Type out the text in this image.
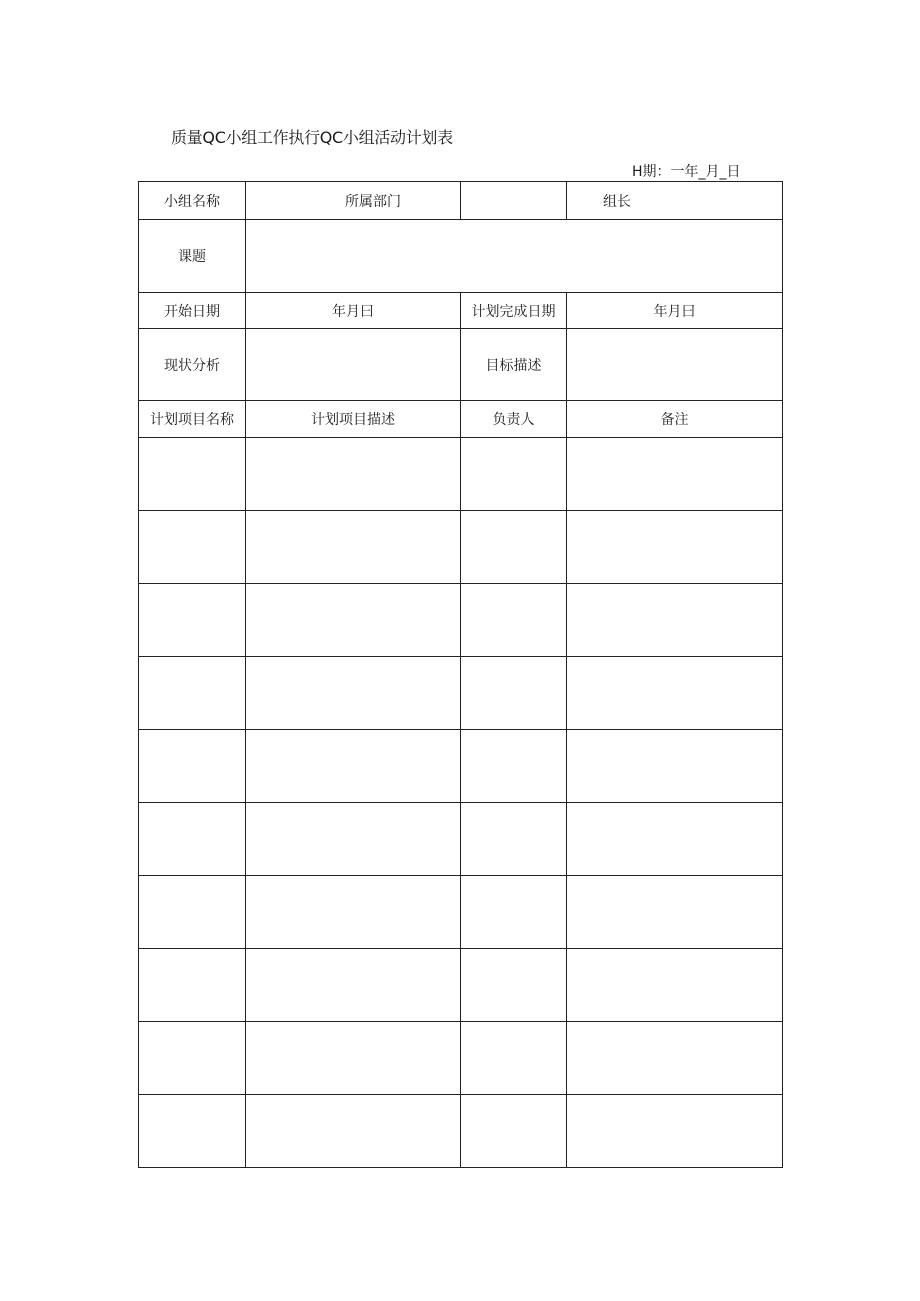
质量QC小组工作执行QC小组活动计划表
H期：一年_月_日
小组名称	所属部门		组长
课题			
开始日期	年月曰	计划完成日期	年月曰
现状分析		目标描述	
计划项目名称	计划项目描述	负责人	备注
